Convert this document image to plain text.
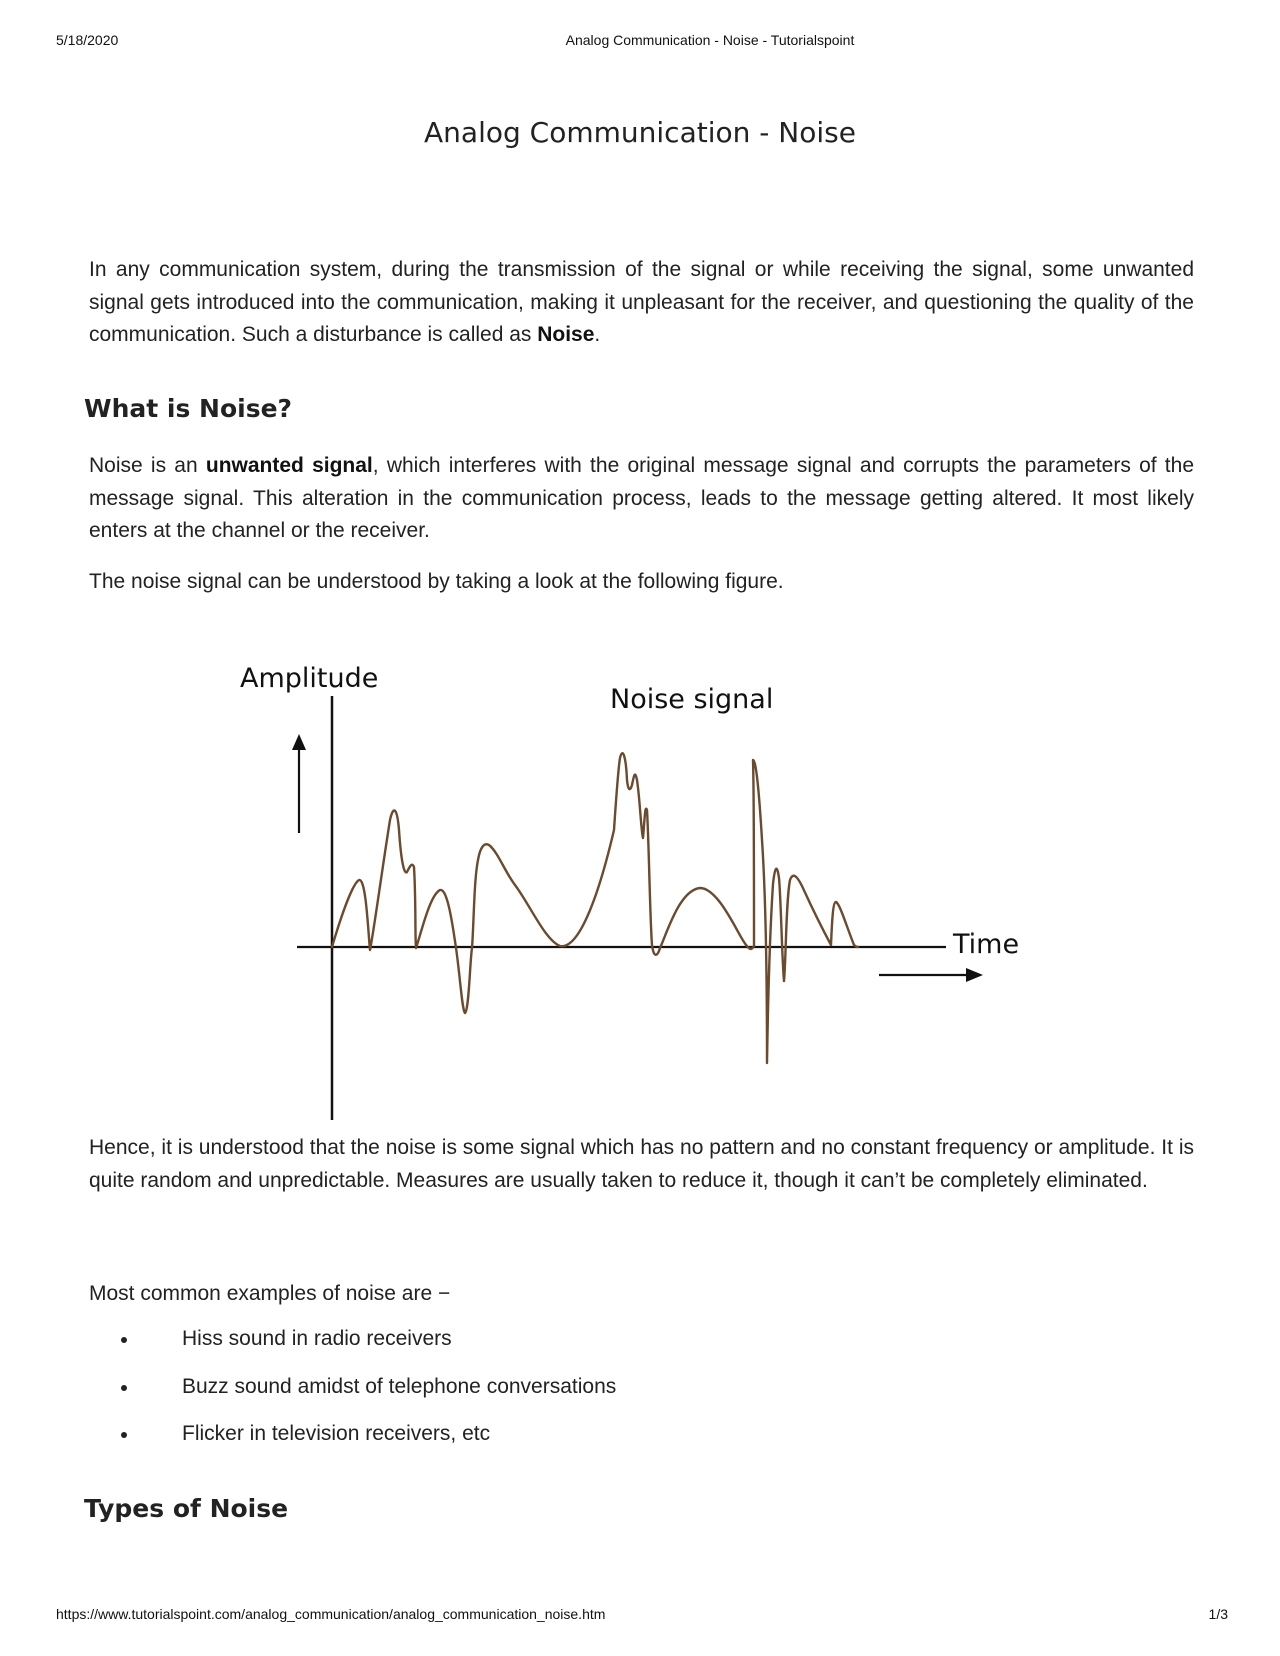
5/18/2020	Analog Communication - Noise - Tutorialspoint
Analog Communication - Noise

In any communication system, during the transmission of the signal or while receiving the signal, some unwanted signal gets introduced into the communication, making it unpleasant for the receiver, and questioning the quality of the communication. Such a disturbance is called as Noise.

What is Noise?

Noise is an unwanted signal, which interferes with the original message signal and corrupts the parameters of the message signal. This alteration in the communication process, leads to the message getting altered. It most likely enters at the channel or the receiver.

The noise signal can be understood by taking a look at the following figure.

Amplitude
Noise signal
Time

Hence, it is understood that the noise is some signal which has no pattern and no constant frequency or amplitude. It is quite random and unpredictable. Measures are usually taken to reduce it, though it can’t be completely eliminated.

Most common examples of noise are −

Hiss sound in radio receivers
Buzz sound amidst of telephone conversations
Flicker in television receivers, etc
Types of Noise
https://www.tutorialspoint.com/analog_communication/analog_communication_noise.htm	1/3
